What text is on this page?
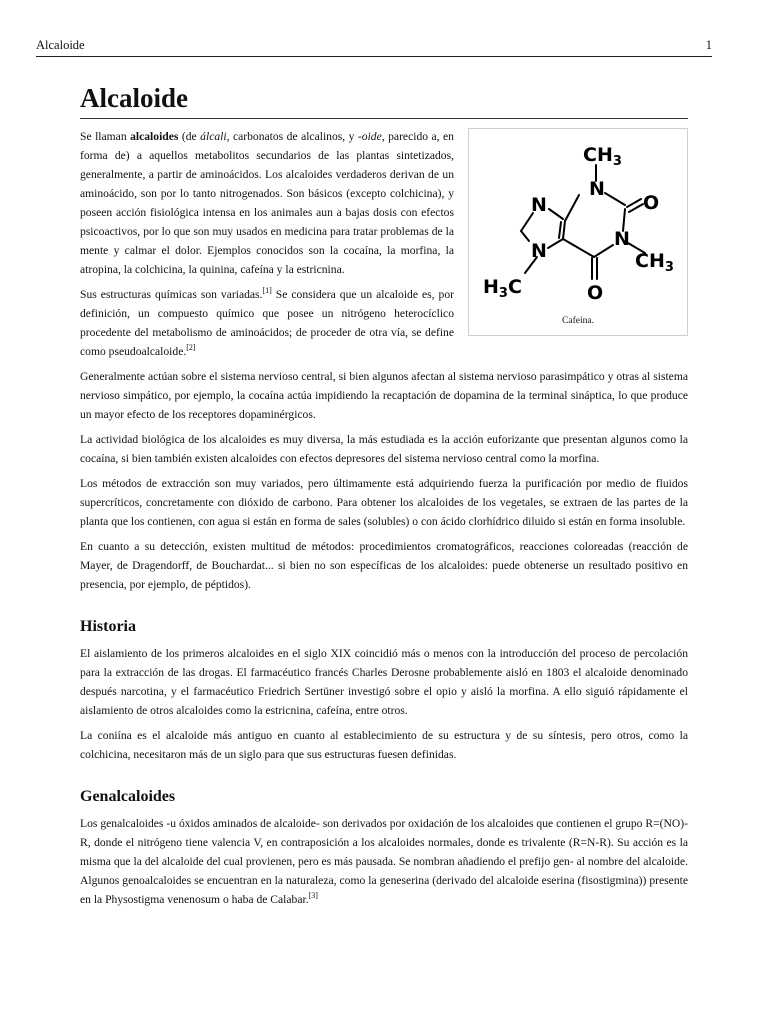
Alcaloide	1
Alcaloide
$CH_3$
N
O
N
N
$CH_3$
N
$H_3C$	O
Cafeína.

Se llaman alcaloides (de álcali, carbonatos de alcalinos, y -oide, parecido a, en forma de) a aquellos metabolitos secundarios de las plantas sintetizados, generalmente, a partir de aminoácidos. Los alcaloides verdaderos derivan de un aminoácido, son por lo tanto nitrogenados. Son básicos (excepto colchicina), y poseen acción fisiológica intensa en los animales aun a bajas dosis con efectos psicoactivos, por lo que son muy usados en medicina para tratar problemas de la mente y calmar el dolor. Ejemplos conocidos son la cocaína, la morfina, la atropina, la colchicina, la quinina, cafeína y la estricnina.

Sus estructuras químicas son variadas.[1] Se considera que un alcaloide es, por definición, un compuesto químico que posee un nitrógeno heterocíclico procedente del metabolismo de aminoácidos; de proceder de otra vía, se define como pseudoalcaloide.[2]

Generalmente actúan sobre el sistema nervioso central, si bien algunos afectan al sistema nervioso parasimpático y otras al sistema nervioso simpático, por ejemplo, la cocaína actúa impidiendo la recaptación de dopamina de la terminal sináptica, lo que produce un mayor efecto de los receptores dopaminérgicos.

La actividad biológica de los alcaloides es muy diversa, la más estudiada es la acción euforizante que presentan algunos como la cocaína, si bien también existen alcaloides con efectos depresores del sistema nervioso central como la morfina.

Los métodos de extracción son muy variados, pero últimamente está adquiriendo fuerza la purificación por medio de fluidos supercríticos, concretamente con dióxido de carbono. Para obtener los alcaloides de los vegetales, se extraen de las partes de la planta que los contienen, con agua si están en forma de sales (solubles) o con ácido clorhídrico diluido si están en forma insoluble.

En cuanto a su detección, existen multitud de métodos: procedimientos cromatográficos, reacciones coloreadas (reacción de Mayer, de Dragendorff, de Bouchardat... si bien no son específicas de los alcaloides: puede obtenerse un resultado positivo en presencia, por ejemplo, de péptidos).

Historia

El aislamiento de los primeros alcaloides en el siglo XIX coincidió más o menos con la introducción del proceso de percolación para la extracción de las drogas. El farmacéutico francés Charles Derosne probablemente aisló en 1803 el alcaloide denominado después narcotina, y el farmacéutico Friedrich Sertüner investigó sobre el opio y aisló la morfina. A ello siguió rápidamente el aislamiento de otros alcaloides como la estricnina, cafeína, entre otros.

La coniína es el alcaloide más antiguo en cuanto al establecimiento de su estructura y de su síntesis, pero otros, como la colchicina, necesitaron más de un siglo para que sus estructuras fuesen definidas.

Genalcaloides

Los genalcaloides -u óxidos aminados de alcaloide- son derivados por oxidación de los alcaloides que contienen el grupo R=(NO)-R, donde el nitrógeno tiene valencia V, en contraposición a los alcaloides normales, donde es trivalente (R=N-R). Su acción es la misma que la del alcaloide del cual provienen, pero es más pausada. Se nombran añadiendo el prefijo gen- al nombre del alcaloide. Algunos genoalcaloides se encuentran en la naturaleza, como la geneserina (derivado del alcaloide eserina (fisostigmina)) presente en la Physostigma venenosum o haba de Calabar.[3]
